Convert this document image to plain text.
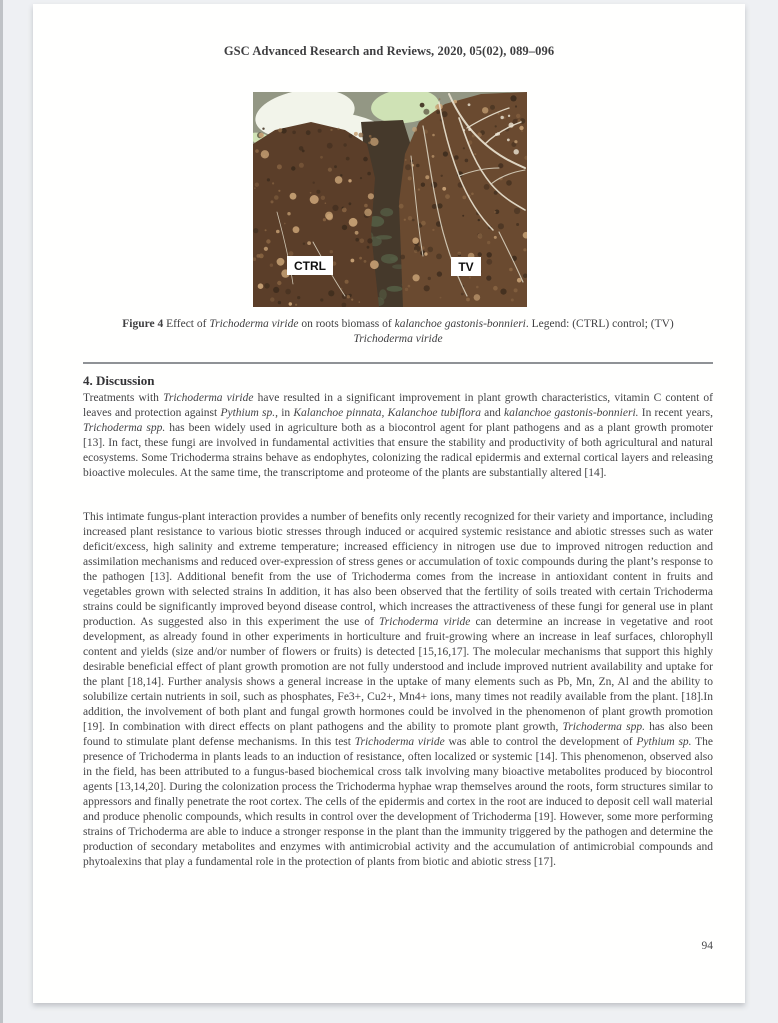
GSC Advanced Research and Reviews, 2020, 05(02), 089–096
CTRL	TV
Figure 4 Effect of Trichoderma viride on roots biomass of kalanchoe gastonis-bonnieri. Legend: (CTRL) control; (TV)
Trichoderma viride
4. Discussion
Treatments with Trichoderma viride have resulted in a significant improvement in plant growth characteristics, vitamin C content of leaves and protection against Pythium sp., in Kalanchoe pinnata, Kalanchoe tubiflora and kalanchoe gastonis-bonnieri. In recent years, Trichoderma spp. has been widely used in agriculture both as a biocontrol agent for plant pathogens and as a plant growth promoter [13]. In fact, these fungi are involved in fundamental activities that ensure the stability and productivity of both agricultural and natural ecosystems. Some Trichoderma strains behave as endophytes, colonizing the radical epidermis and external cortical layers and releasing bioactive molecules. At the same time, the transcriptome and proteome of the plants are substantially altered [14].
This intimate fungus-plant interaction provides a number of benefits only recently recognized for their variety and importance, including increased plant resistance to various biotic stresses through induced or acquired systemic resistance and abiotic stresses such as water deficit/excess, high salinity and extreme temperature; increased efficiency in nitrogen use due to improved nitrogen reduction and assimilation mechanisms and reduced over-expression of stress genes or accumulation of toxic compounds during the plant’s response to the pathogen [13]. Additional benefit from the use of Trichoderma comes from the increase in antioxidant content in fruits and vegetables grown with selected strains In addition, it has also been observed that the fertility of soils treated with certain Trichoderma strains could be significantly improved beyond disease control, which increases the attractiveness of these fungi for general use in plant production. As suggested also in this experiment the use of Trichoderma viride can determine an increase in vegetative and root development, as already found in other experiments in horticulture and fruit-growing where an increase in leaf surfaces, chlorophyll content and yields (size and/or number of flowers or fruits) is detected [15,16,17]. The molecular mechanisms that support this highly desirable beneficial effect of plant growth promotion are not fully understood and include improved nutrient availability and uptake for the plant [18,14]. Further analysis shows a general increase in the uptake of many elements such as Pb, Mn, Zn, Al and the ability to solubilize certain nutrients in soil, such as phosphates, Fe3+, Cu2+, Mn4+ ions, many times not readily available from the plant. [18].In addition, the involvement of both plant and fungal growth hormones could be involved in the phenomenon of plant growth promotion [19]. In combination with direct effects on plant pathogens and the ability to promote plant growth, Trichoderma spp. has also been found to stimulate plant defense mechanisms. In this test Trichoderma viride was able to control the development of Pythium sp. The presence of Trichoderma in plants leads to an induction of resistance, often localized or systemic [14]. This phenomenon, observed also in the field, has been attributed to a fungus-based biochemical cross talk involving many bioactive metabolites produced by biocontrol agents [13,14,20]. During the colonization process the Trichoderma hyphae wrap themselves around the roots, form structures similar to appressors and finally penetrate the root cortex. The cells of the epidermis and cortex in the root are induced to deposit cell wall material and produce phenolic compounds, which results in control over the development of Trichoderma [19]. However, some more performing strains of Trichoderma are able to induce a stronger response in the plant than the immunity triggered by the pathogen and determine the production of secondary metabolites and enzymes with antimicrobial activity and the accumulation of antimicrobial compounds and phytoalexins that play a fundamental role in the protection of plants from biotic and abiotic stress [17].
94
